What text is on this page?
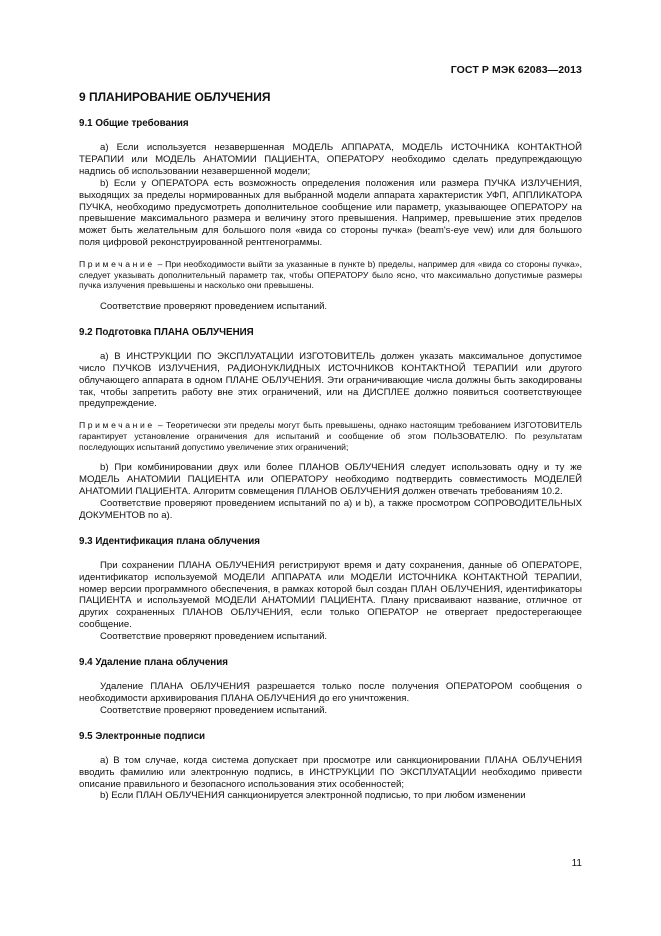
ГОСТ Р МЭК 62083—2013
9 ПЛАНИРОВАНИЕ ОБЛУЧЕНИЯ
9.1 Общие требования

a) Если используется незавершенная МОДЕЛЬ АППАРАТА, МОДЕЛЬ ИСТОЧНИКА КОНТАКТНОЙ ТЕРАПИИ или МОДЕЛЬ АНАТОМИИ ПАЦИЕНТА, ОПЕРАТОРУ необходимо сделать предупреждающую надпись об использовании незавершенной модели;

b) Если у ОПЕРАТОРА есть возможность определения положения или размера ПУЧКА ИЗЛУЧЕНИЯ, выходящих за пределы нормированных для выбранной модели аппарата характеристик УФП, АППЛИКАТОРА ПУЧКА, необходимо предусмотреть дополнительное сообщение или параметр, указывающее ОПЕРАТОРУ на превышение максимального размера и величину этого превышения. Например, превышение этих пределов может быть желательным для большого поля «вида со стороны пучка» (beam's-eye vew) или для большого поля цифровой реконструированной рентгенограммы.

Примечание – При необходимости выйти за указанные в пункте b) пределы, например для «вида со стороны пучка», следует указывать дополнительный параметр так, чтобы ОПЕРАТОРУ было ясно, что максимально допустимые размеры пучка излучения превышены и насколько они превышены.

Соответствие проверяют проведением испытаний.

9.2 Подготовка ПЛАНА ОБЛУЧЕНИЯ

a) В ИНСТРУКЦИИ ПО ЭКСПЛУАТАЦИИ ИЗГОТОВИТЕЛЬ должен указать максимальное допустимое число ПУЧКОВ ИЗЛУЧЕНИЯ, РАДИОНУКЛИДНЫХ ИСТОЧНИКОВ КОНТАКТНОЙ ТЕРАПИИ или другого облучающего аппарата в одном ПЛАНЕ ОБЛУЧЕНИЯ. Эти ограничивающие числа должны быть закодированы так, чтобы запретить работу вне этих ограничений, или на ДИСПЛЕЕ должно появиться соответствующее предупреждение.

Примечание – Теоретически эти пределы могут быть превышены, однако настоящим требованием ИЗГОТОВИТЕЛЬ гарантирует установление ограничения для испытаний и сообщение об этом ПОЛЬЗОВАТЕЛЮ. По результатам последующих испытаний допустимо увеличение этих ограничений;

b) При комбинировании двух или более ПЛАНОВ ОБЛУЧЕНИЯ следует использовать одну и ту же МОДЕЛЬ АНАТОМИИ ПАЦИЕНТА или ОПЕРАТОРУ необходимо подтвердить совместимость МОДЕЛЕЙ АНАТОМИИ ПАЦИЕНТА. Алгоритм совмещения ПЛАНОВ ОБЛУЧЕНИЯ должен отвечать требованиям 10.2.

Соответствие проверяют проведением испытаний по a) и b), а также просмотром СОПРОВОДИТЕЛЬНЫХ ДОКУМЕНТОВ по а).

9.3 Идентификация плана облучения

При сохранении ПЛАНА ОБЛУЧЕНИЯ регистрируют время и дату сохранения, данные об ОПЕРАТОРЕ, идентификатор используемой МОДЕЛИ АППАРАТА или МОДЕЛИ ИСТОЧНИКА КОНТАКТНОЙ ТЕРАПИИ, номер версии программного обеспечения, в рамках которой был создан ПЛАН ОБЛУЧЕНИЯ, идентификаторы ПАЦИЕНТА и используемой МОДЕЛИ АНАТОМИИ ПАЦИЕНТА. Плану присваивают название, отличное от других сохраненных ПЛАНОВ ОБЛУЧЕНИЯ, если только ОПЕРАТОР не отвергает предостерегающее сообщение.

Соответствие проверяют проведением испытаний.

9.4 Удаление плана облучения

Удаление ПЛАНА ОБЛУЧЕНИЯ разрешается только после получения ОПЕРАТОРОМ сообщения о необходимости архивирования ПЛАНА ОБЛУЧЕНИЯ до его уничтожения.

Соответствие проверяют проведением испытаний.

9.5 Электронные подписи

a) В том случае, когда система допускает при просмотре или санкционировании ПЛАНА ОБЛУЧЕНИЯ вводить фамилию или электронную подпись, в ИНСТРУКЦИИ ПО ЭКСПЛУАТАЦИИ необходимо привести описание правильного и безопасного использования этих особенностей;

b) Если ПЛАН ОБЛУЧЕНИЯ санкционируется электронной подписью, то при любом изменении

11
